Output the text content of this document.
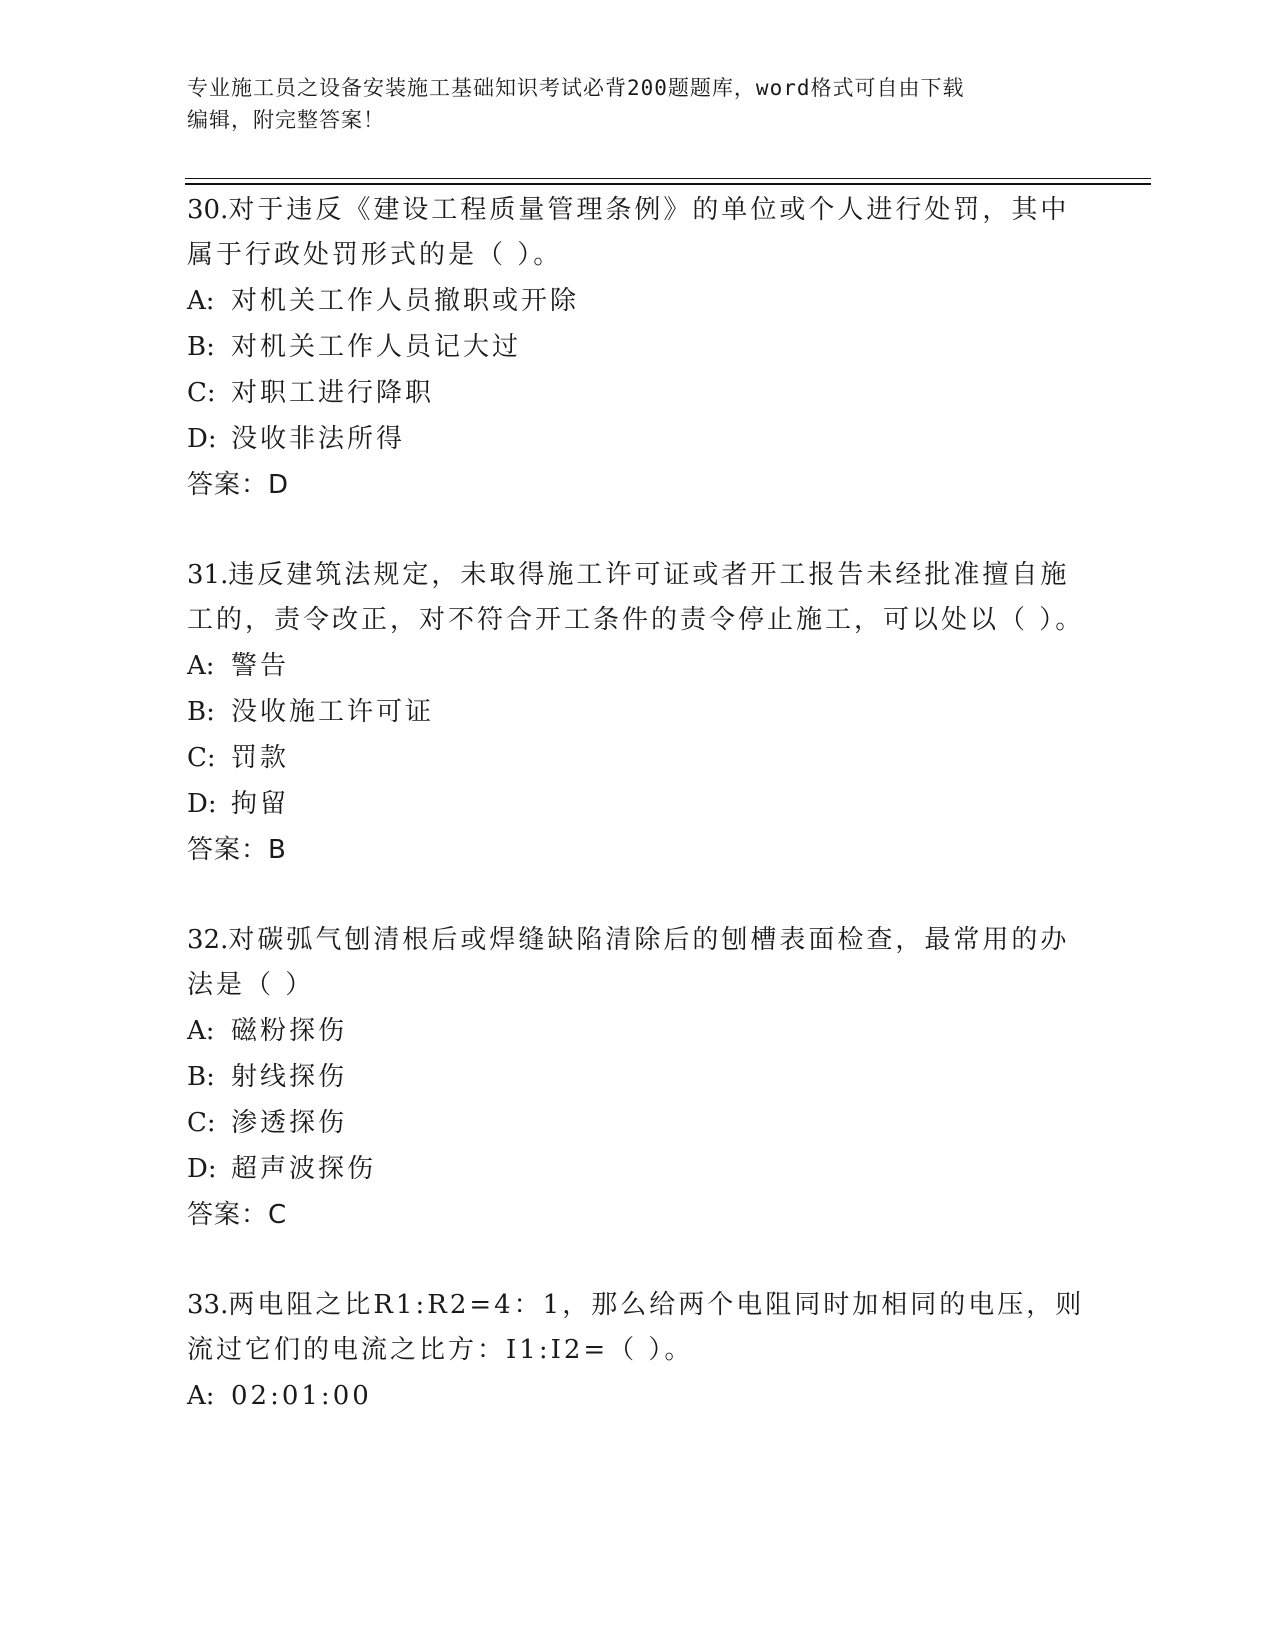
专业施工员之设备安装施工基础知识考试必背200题题库，word格式可自由下载
编辑，附完整答案！
30.对于违反《建设工程质量管理条例》的单位或个人进行处罚，其中属于行政处罚形式的是（ ）。
A: 对机关工作人员撤职或开除
B: 对机关工作人员记大过
C: 对职工进行降职
D: 没收非法所得
答案：D
31.违反建筑法规定，未取得施工许可证或者开工报告未经批准擅自施工的，责令改正，对不符合开工条件的责令停止施工，可以处以（ ）。
A: 警告
B: 没收施工许可证
C: 罚款
D: 拘留
答案：B
32.对碳弧气刨清根后或焊缝缺陷清除后的刨槽表面检查，最常用的办法是（ ）
A: 磁粉探伤
B: 射线探伤
C: 渗透探伤
D: 超声波探伤
答案：C
33.两电阻之比R1:R2=4：1，那么给两个电阻同时加相同的电压，则流过它们的电流之比方：I1:I2=（ ）。
A: 02:01:00
